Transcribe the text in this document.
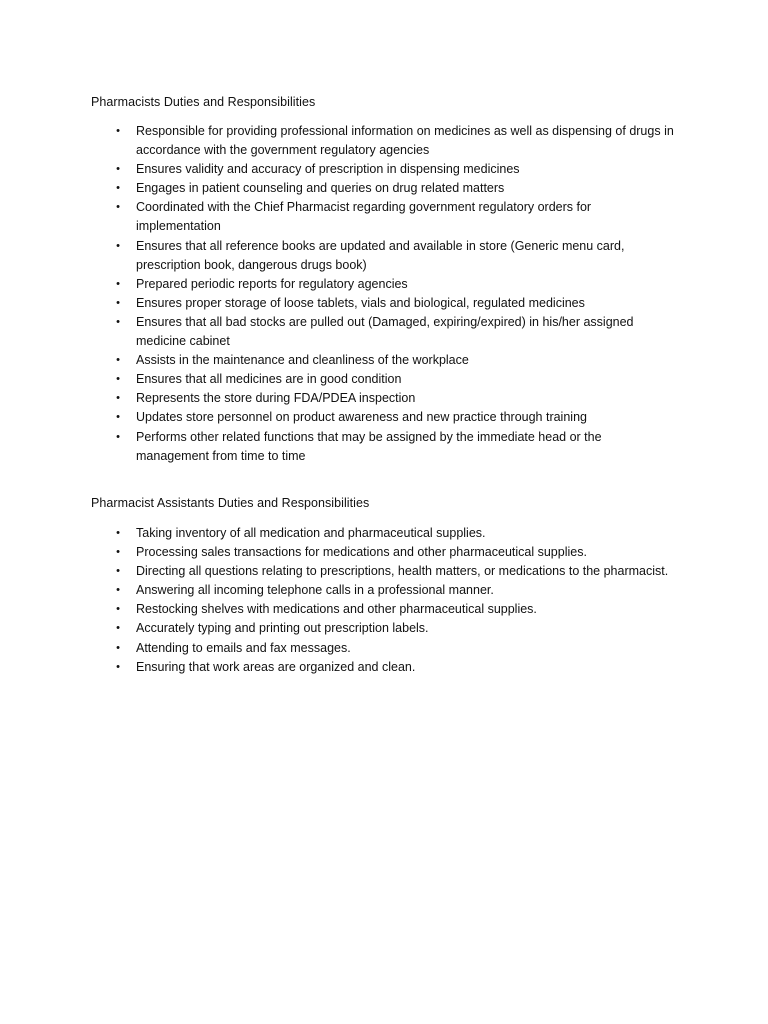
Pharmacists Duties and Responsibilities
• Responsible for providing professional information on medicines as well as dispensing of drugs in accordance with the government regulatory agencies
• Ensures validity and accuracy of prescription in dispensing medicines
• Engages in patient counseling and queries on drug related matters
• Coordinated with the Chief Pharmacist regarding government regulatory orders for implementation
• Ensures that all reference books are updated and available in store (Generic menu card, prescription book, dangerous drugs book)
• Prepared periodic reports for regulatory agencies
• Ensures proper storage of loose tablets, vials and biological, regulated medicines
• Ensures that all bad stocks are pulled out (Damaged, expiring/expired) in his/her assigned medicine cabinet
• Assists in the maintenance and cleanliness of the workplace
• Ensures that all medicines are in good condition
• Represents the store during FDA/PDEA inspection
• Updates store personnel on product awareness and new practice through training
• Performs other related functions that may be assigned by the immediate head or the management from time to time
Pharmacist Assistants Duties and Responsibilities
• Taking inventory of all medication and pharmaceutical supplies.
• Processing sales transactions for medications and other pharmaceutical supplies.
• Directing all questions relating to prescriptions, health matters, or medications to the pharmacist.
• Answering all incoming telephone calls in a professional manner.
• Restocking shelves with medications and other pharmaceutical supplies.
• Accurately typing and printing out prescription labels.
• Attending to emails and fax messages.
• Ensuring that work areas are organized and clean.
